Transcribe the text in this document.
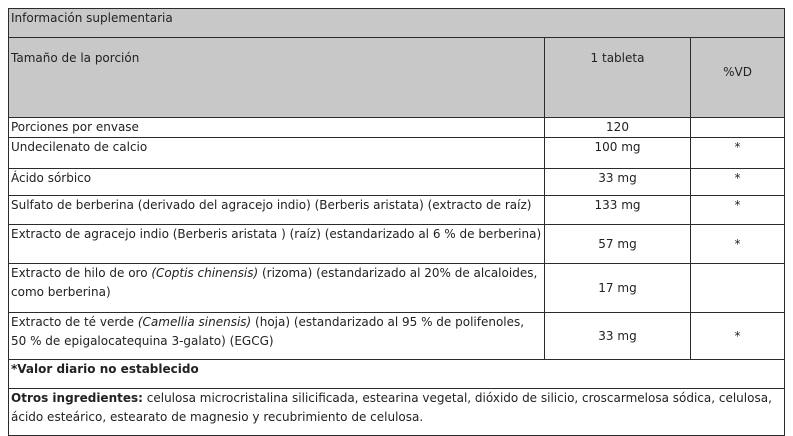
Información suplementaria		
Tamaño de la porción	1 tableta	%VD
Porciones por envase	120	
Undecilenato de calcio	100 mg	*
Ácido sórbico	33 mg	*
Sulfato de berberina (derivado del agracejo indio) (Berberis aristata) (extracto de raíz)	133 mg	*
Extracto de agracejo indio (Berberis aristata ) (raíz) (estandarizado al 6 % de berberina)	57 mg	*
Extracto de hilo de oro (Coptis chinensis) (rizoma) (estandarizado al 20% de alcaloides, como berberina)	17 mg	
Extracto de té verde (Camellia sinensis) (hoja) (estandarizado al 95 % de polifenoles, 50 % de epigalocatequina 3-galato) (EGCG)	33 mg	*
*Valor diario no establecido		
Otros ingredientes: celulosa microcristalina silicificada, estearina vegetal, dióxido de silicio, croscarmelosa sódica, celulosa, ácido esteárico, estearato de magnesio y recubrimiento de celulosa.		
